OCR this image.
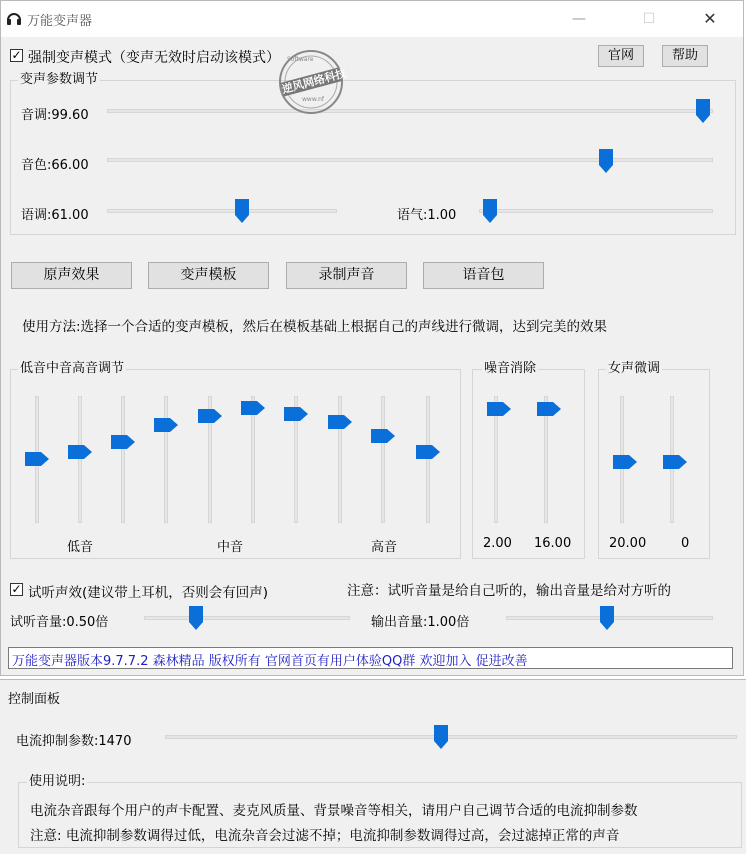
万能变声器	—	☐	✕
✓ 强制变声模式（变声无效时启动该模式）	官网	帮助
变声参数调节
音调:99.60
音色:66.00
语调:61.00	语气:1.00
Software
逆风网络科技
www.nf
原声效果	变声模板	录制声音	语音包
使用方法:选择一个合适的变声模板，然后在模板基础上根据自己的声线进行微调，达到完美的效果
低音中音高音调节
低音	中音	高音
噪音消除
2.00 16.00
女声微调
20.00	0
✓ 试听声效(建议带上耳机，否则会有回声)	注意：试听音量是给自己听的，输出音量是给对方听的
试听音量:0.50倍	输出音量:1.00倍
万能变声器版本9.7.7.2 森林精品 版权所有 官网首页有用户体验QQ群 欢迎加入 促进改善
控制面板
电流抑制参数:1470
使用说明:
电流杂音跟每个用户的声卡配置、麦克风质量、背景噪音等相关，请用户自己调节合适的电流抑制参数
注意: 电流抑制参数调得过低，电流杂音会过滤不掉；电流抑制参数调得过高，会过滤掉正常的声音
